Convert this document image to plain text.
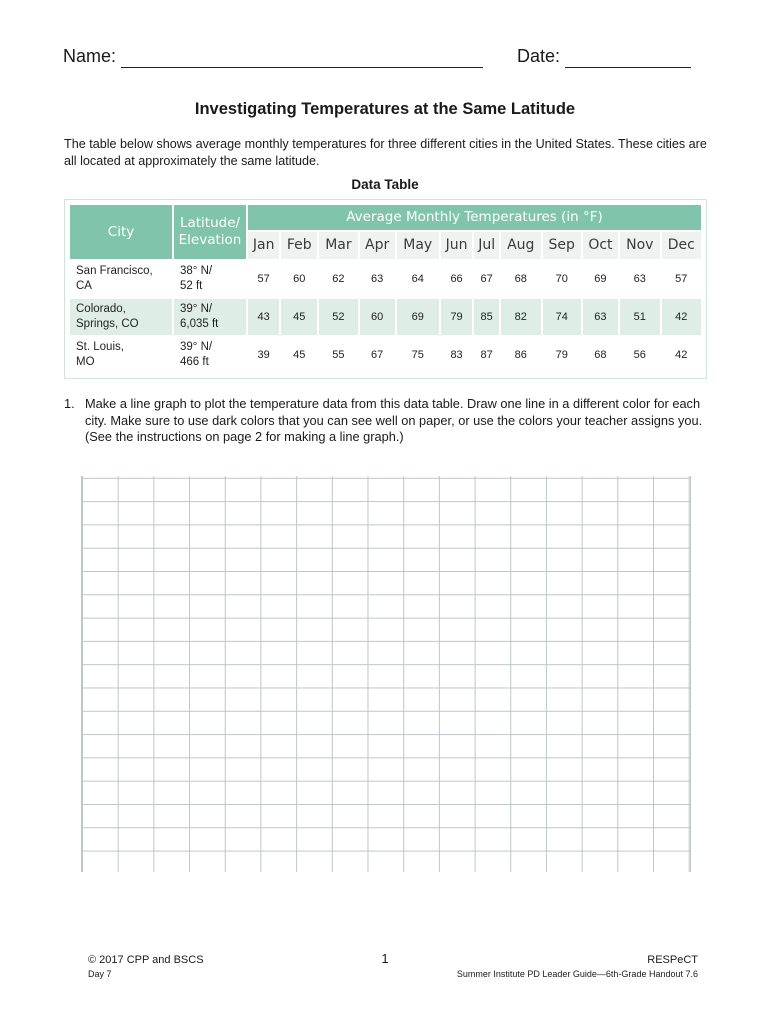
Name:	Date:
Investigating Temperatures at the Same Latitude
The table below shows average monthly temperatures for three different cities in the United States. These cities are all located at approximately the same latitude.
Data Table
City	Latitude/
Elevation	Average Monthly Temperatures (in °F)											
		Jan	Feb	Mar	Apr	May	Jun	Jul	Aug	Sep	Oct	Nov	Dec
San Francisco,
CA	38° N/
52 ft	57	60	62	63	64	66	67	68	70	69	63	57
Colorado,
Springs, CO	39° N/
6,035 ft	43	45	52	60	69	79	85	82	74	63	51	42
St. Louis,
MO	39° N/
466 ft	39	45	55	67	75	83	87	86	79	68	56	42
1. Make a line graph to plot the temperature data from this data table. Draw one line in a different color for each city. Make sure to use dark colors that you can see well on paper, or use the colors your teacher assigns you. (See the instructions on page 2 for making a line graph.)
© 2017 CPP and BSCS
Day 7
1	RESPeCT
Summer Institute PD Leader Guide—6th-Grade Handout 7.6
